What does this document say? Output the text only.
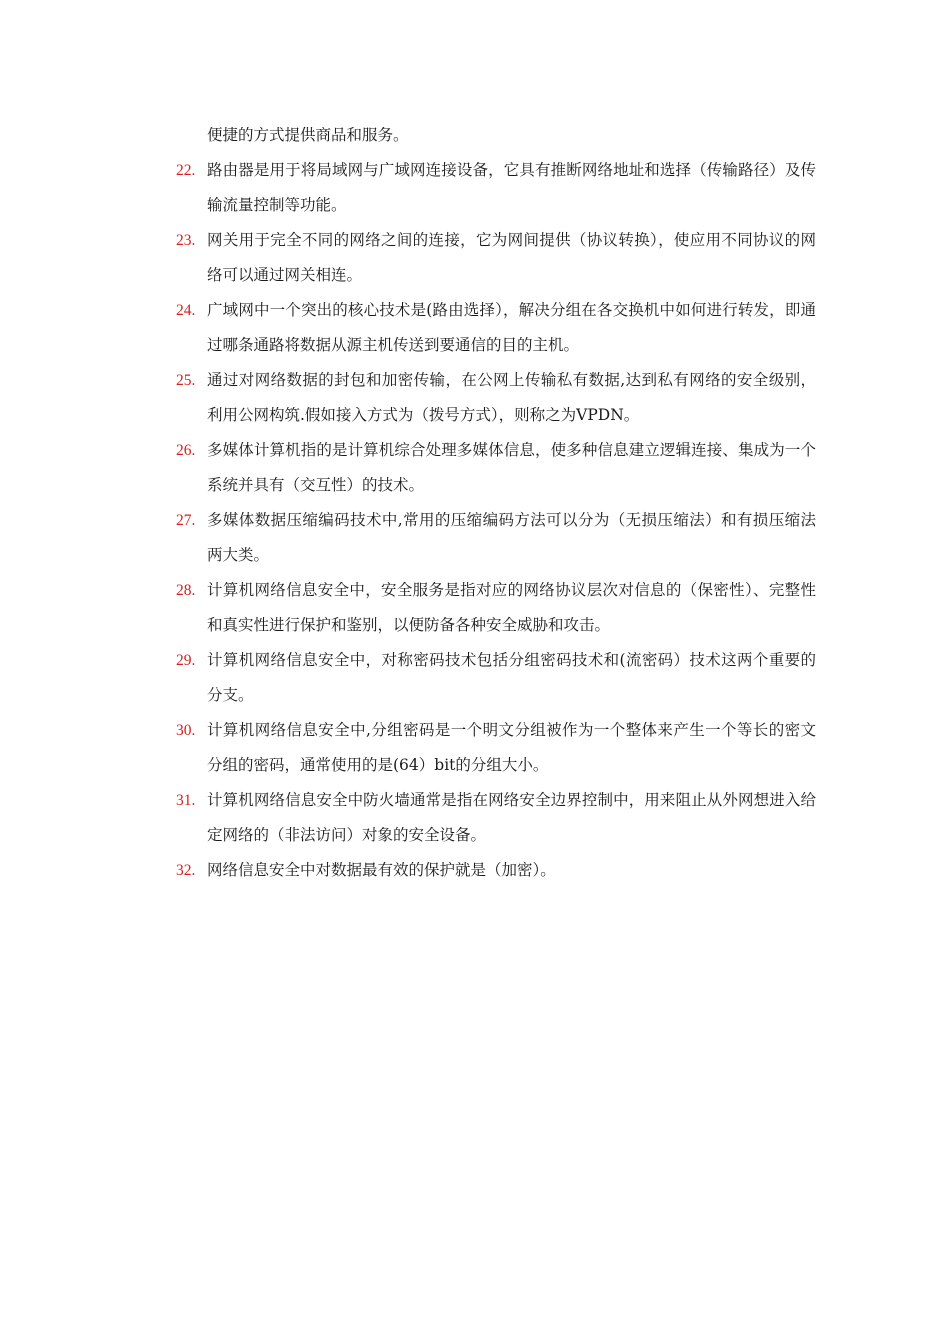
便捷的方式提供商品和服务。
22. 路由器是用于将局域网与广域网连接设备，它具有推断网络地址和选择（传输路径）及传输流量控制等功能。
23. 网关用于完全不同的网络之间的连接，它为网间提供（协议转换），使应用不同协议的网络可以通过网关相连。
24. 广域网中一个突出的核心技术是(路由选择），解决分组在各交换机中如何进行转发，即通过哪条通路将数据从源主机传送到要通信的目的主机。
25. 通过对网络数据的封包和加密传输，在公网上传输私有数据,达到私有网络的安全级别，利用公网构筑.假如接入方式为（拨号方式），则称之为VPDN。
26. 多媒体计算机指的是计算机综合处理多媒体信息，使多种信息建立逻辑连接、集成为一个系统并具有（交互性）的技术。
27. 多媒体数据压缩编码技术中,常用的压缩编码方法可以分为（无损压缩法）和有损压缩法两大类。
28. 计算机网络信息安全中，安全服务是指对应的网络协议层次对信息的（保密性）、完整性和真实性进行保护和鉴别，以便防备各种安全威胁和攻击。
29. 计算机网络信息安全中，对称密码技术包括分组密码技术和(流密码）技术这两个重要的分支。
30. 计算机网络信息安全中,分组密码是一个明文分组被作为一个整体来产生一个等长的密文分组的密码，通常使用的是(64）bit的分组大小。
31. 计算机网络信息安全中防火墙通常是指在网络安全边界控制中，用来阻止从外网想进入给定网络的（非法访问）对象的安全设备。
32. 网络信息安全中对数据最有效的保护就是（加密）。
